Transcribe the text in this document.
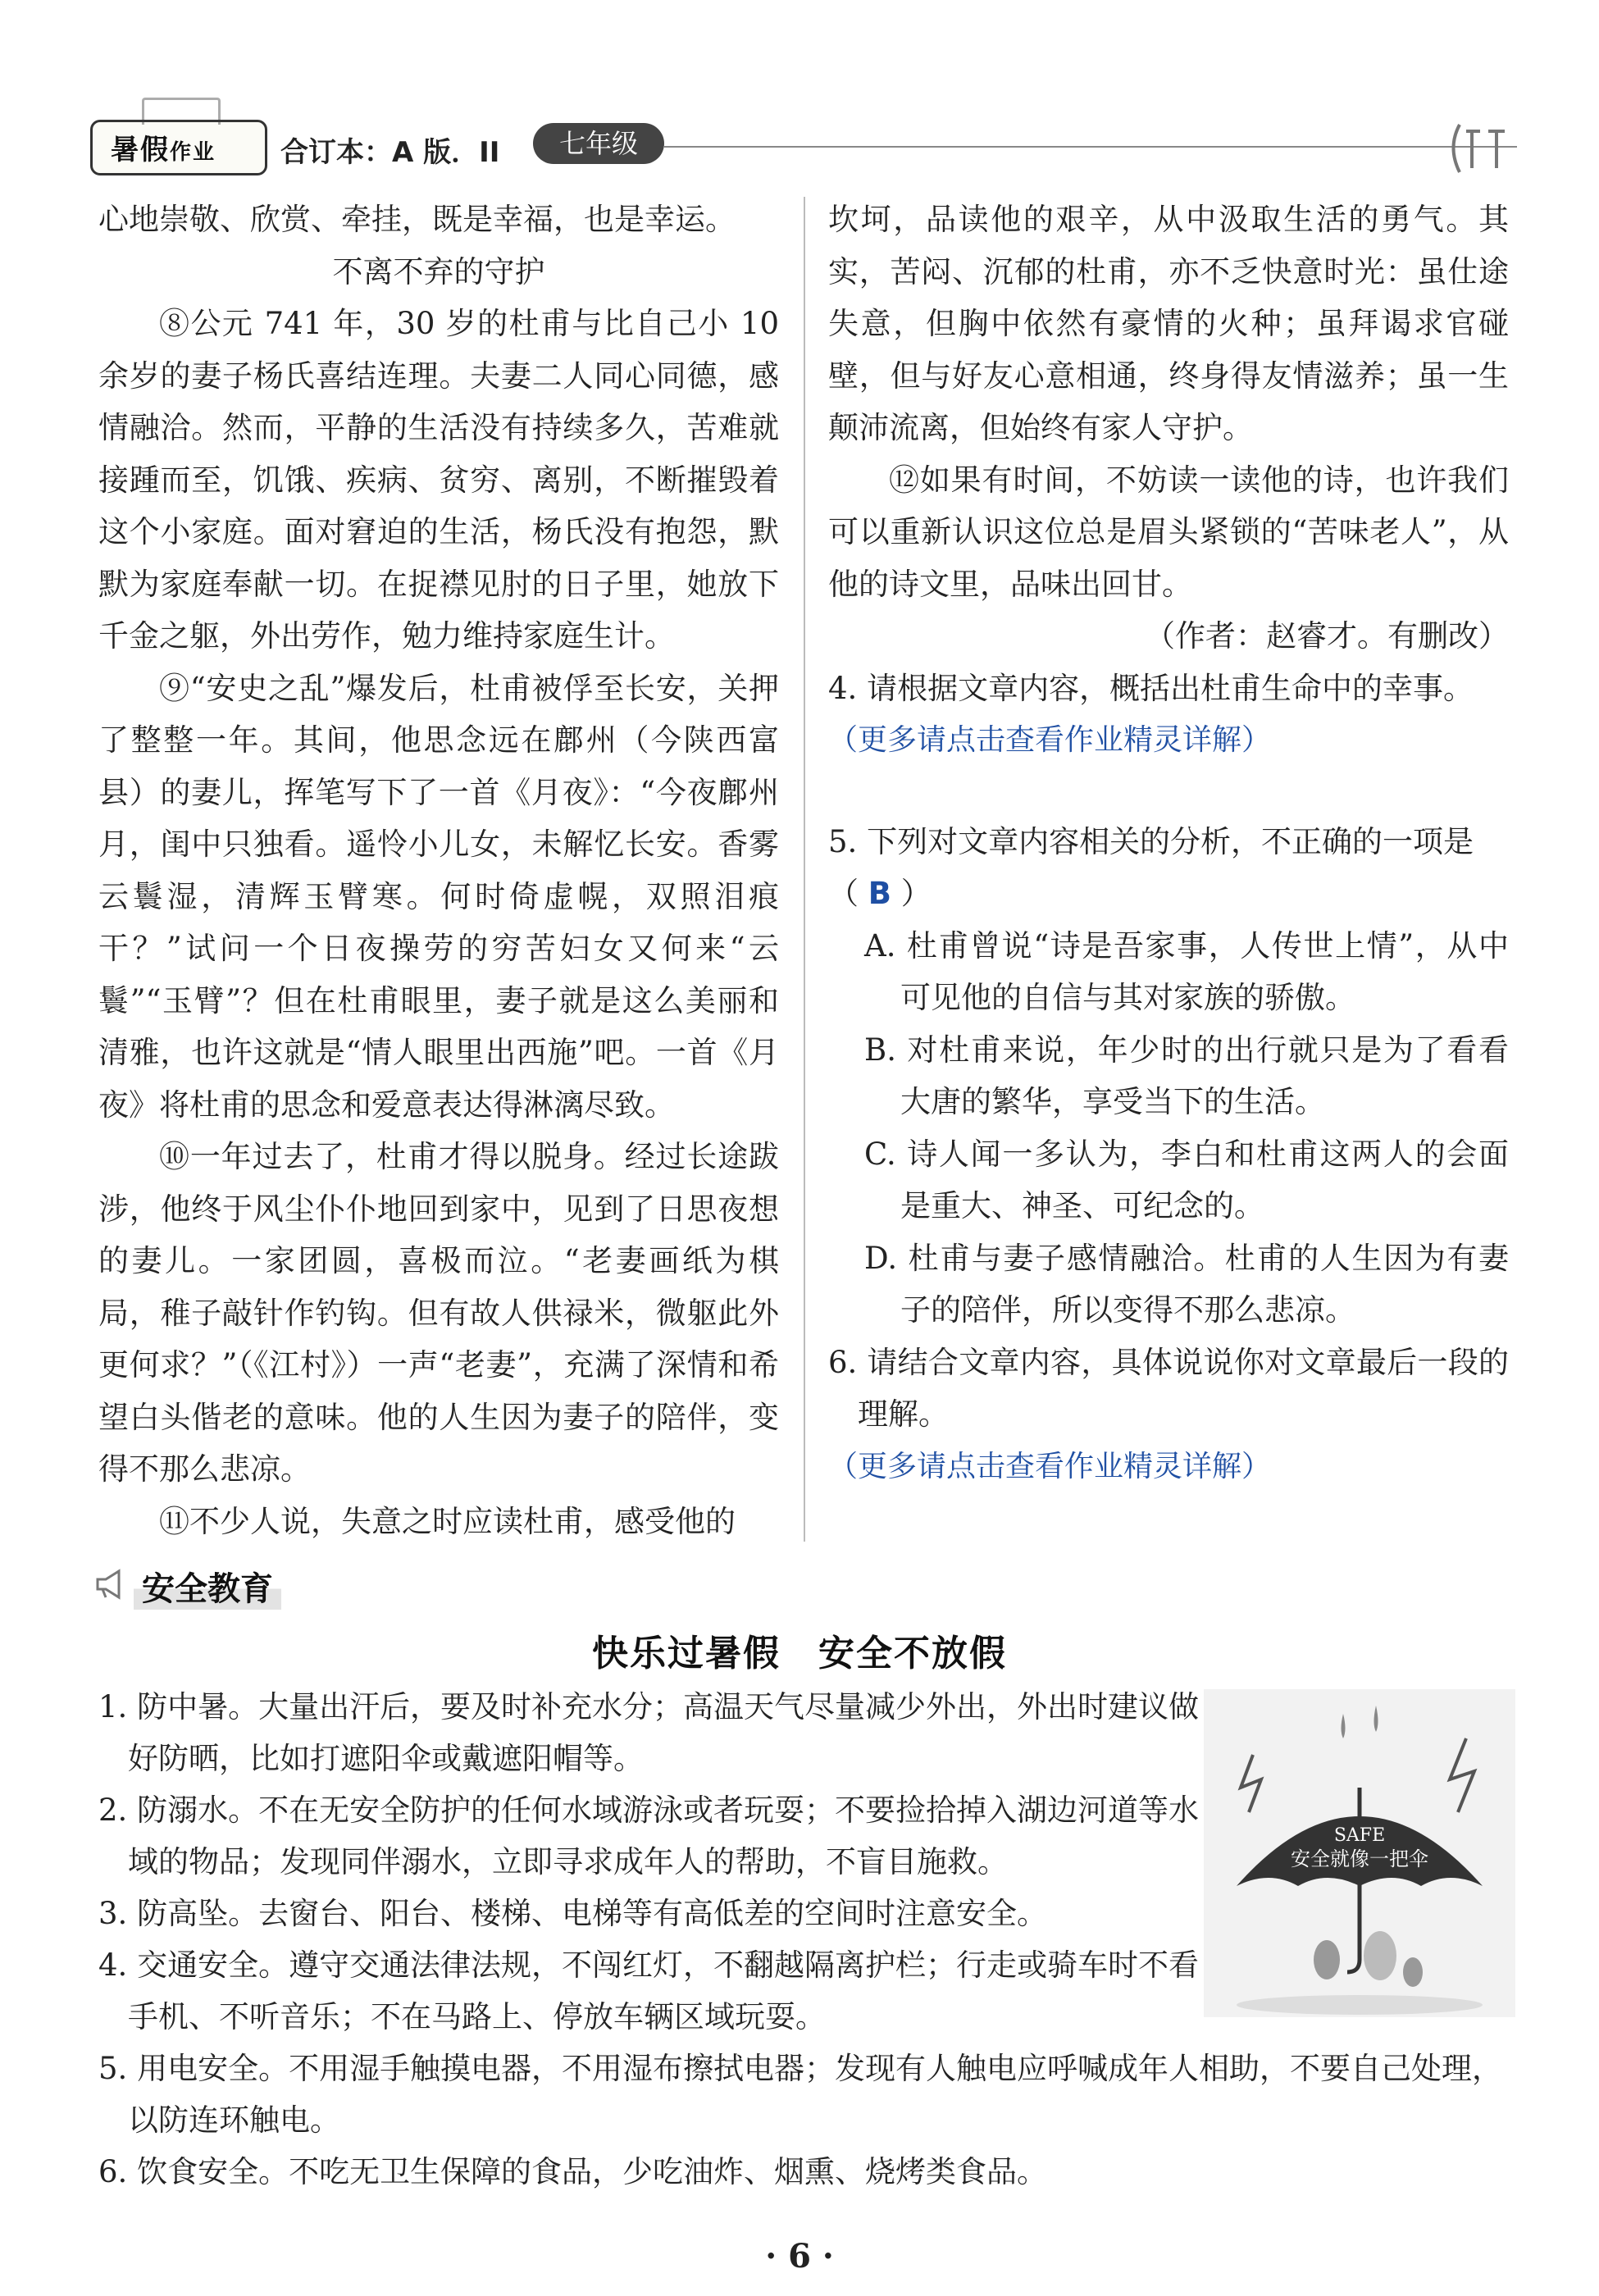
暑假作业 合订本：A 版．II	七年级

心地崇敬、欣赏、牵挂，既是幸福，也是幸运。

不离不弃的守护

⑧公元 741 年，30 岁的杜甫与比自己小 10 余岁的妻子杨氏喜结连理。夫妻二人同心同德，感情融洽。然而，平静的生活没有持续多久，苦难就接踵而至，饥饿、疾病、贫穷、离别，不断摧毁着这个小家庭。面对窘迫的生活，杨氏没有抱怨，默默为家庭奉献一切。在捉襟见肘的日子里，她放下千金之躯，外出劳作，勉力维持家庭生计。

⑨“安史之乱”爆发后，杜甫被俘至长安，关押了整整一年。其间，他思念远在鄜州（今陕西富县）的妻儿，挥笔写下了一首《月夜》：“今夜鄜州月，闺中只独看。遥怜小儿女，未解忆长安。香雾云鬟湿，清辉玉臂寒。何时倚虚幌，双照泪痕干？”试问一个日夜操劳的穷苦妇女又何来“云鬟”“玉臂”？但在杜甫眼里，妻子就是这么美丽和清雅，也许这就是“情人眼里出西施”吧。一首《月夜》将杜甫的思念和爱意表达得淋漓尽致。

⑩一年过去了，杜甫才得以脱身。经过长途跋涉，他终于风尘仆仆地回到家中，见到了日思夜想的妻儿。一家团圆，喜极而泣。“老妻画纸为棋局，稚子敲针作钓钩。但有故人供禄米，微躯此外更何求？”（《江村》）一声“老妻”，充满了深情和希望白头偕老的意味。他的人生因为妻子的陪伴，变得不那么悲凉。

⑪不少人说，失意之时应读杜甫，感受他的

坎坷，品读他的艰辛，从中汲取生活的勇气。其实，苦闷、沉郁的杜甫，亦不乏快意时光：虽仕途失意，但胸中依然有豪情的火种；虽拜谒求官碰壁，但与好友心意相通，终身得友情滋养；虽一生颠沛流离，但始终有家人守护。

⑫如果有时间，不妨读一读他的诗，也许我们可以重新认识这位总是眉头紧锁的“苦味老人”，从他的诗文里，品味出回甘。

（作者：赵睿才。有删改）

4. 请根据文章内容，概括出杜甫生命中的幸事。

（更多请点击查看作业精灵详解）

5. 下列对文章内容相关的分析，不正确的一项是

（ B ）

A. 杜甫曾说“诗是吾家事，人传世上情”，从中可见他的自信与其对家族的骄傲。

B. 对杜甫来说，年少时的出行就只是为了看看大唐的繁华，享受当下的生活。

C. 诗人闻一多认为，李白和杜甫这两人的会面是重大、神圣、可纪念的。

D. 杜甫与妻子感情融洽。杜甫的人生因为有妻子的陪伴，所以变得不那么悲凉。

6. 请结合文章内容，具体说说你对文章最后一段的理解。

（更多请点击查看作业精灵详解）

安全教育
快乐过暑假　安全不放假

1. 防中暑。大量出汗后，要及时补充水分；高温天气尽量减少外出，外出时建议做好防晒，比如打遮阳伞或戴遮阳帽等。

2. 防溺水。不在无安全防护的任何水域游泳或者玩耍；不要捡拾掉入湖边河道等水域的物品；发现同伴溺水，立即寻求成年人的帮助，不盲目施救。

3. 防高坠。去窗台、阳台、楼梯、电梯等有高低差的空间时注意安全。

4. 交通安全。遵守交通法律法规，不闯红灯，不翻越隔离护栏；行走或骑车时不看手机、不听音乐；不在马路上、停放车辆区域玩耍。

5. 用电安全。不用湿手触摸电器，不用湿布擦拭电器；发现有人触电应呼喊成年人相助，不要自己处理，以防连环触电。

6. 饮食安全。不吃无卫生保障的食品，少吃油炸、烟熏、烧烤类食品。

SAFE
安全就像一把伞
· 6 ·
